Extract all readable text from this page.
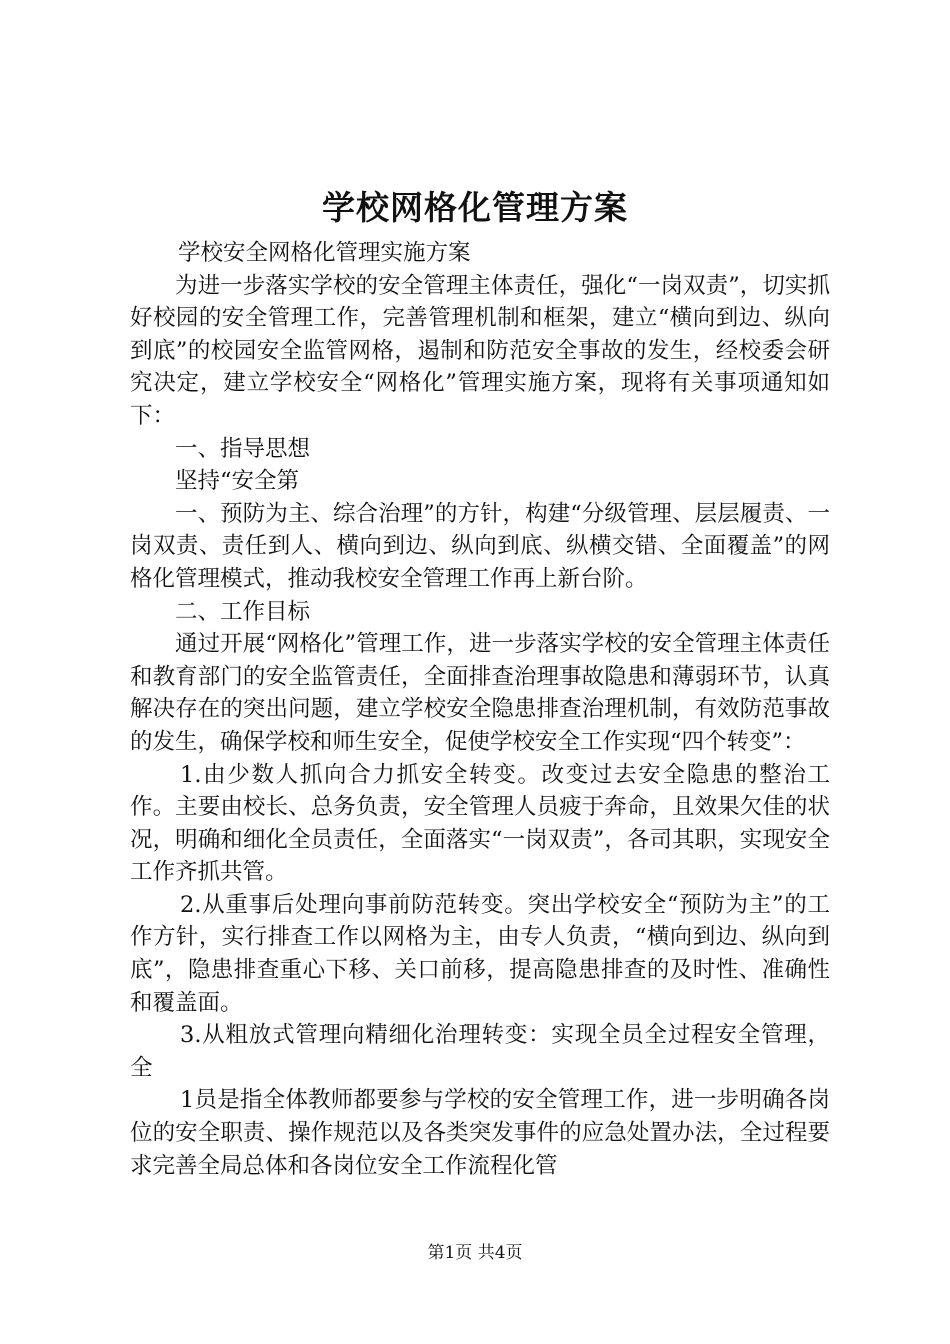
学校网格化管理方案

学校安全网格化管理实施方案

为进一步落实学校的安全管理主体责任，强化“一岗双责”，切实抓好校园的安全管理工作，完善管理机制和框架，建立“横向到边、纵向到底”的校园安全监管网格，遏制和防范安全事故的发生，经校委会研究决定，建立学校安全“网格化”管理实施方案，现将有关事项通知如下：

一、指导思想

坚持“安全第

一、预防为主、综合治理”的方针，构建“分级管理、层层履责、一岗双责、责任到人、横向到边、纵向到底、纵横交错、全面覆盖”的网格化管理模式，推动我校安全管理工作再上新台阶。

二、工作目标

通过开展“网格化”管理工作，进一步落实学校的安全管理主体责任和教育部门的安全监管责任，全面排查治理事故隐患和薄弱环节，认真解决存在的突出问题，建立学校安全隐患排查治理机制，有效防范事故的发生，确保学校和师生安全，促使学校安全工作实现“四个转变”：

1.由少数人抓向合力抓安全转变。改变过去安全隐患的整治工作。主要由校长、总务负责，安全管理人员疲于奔命，且效果欠佳的状况，明确和细化全员责任，全面落实“一岗双责”，各司其职，实现安全工作齐抓共管。

2.从重事后处理向事前防范转变。突出学校安全“预防为主”的工作方针，实行排查工作以网格为主，由专人负责，“横向到边、纵向到底”，隐患排查重心下移、关口前移，提高隐患排查的及时性、准确性和覆盖面。

3.从粗放式管理向精细化治理转变：实现全员全过程安全管理，全

1员是指全体教师都要参与学校的安全管理工作，进一步明确各岗位的安全职责、操作规范以及各类突发事件的应急处置办法，全过程要求完善全局总体和各岗位安全工作流程化管

第1页 共4页
